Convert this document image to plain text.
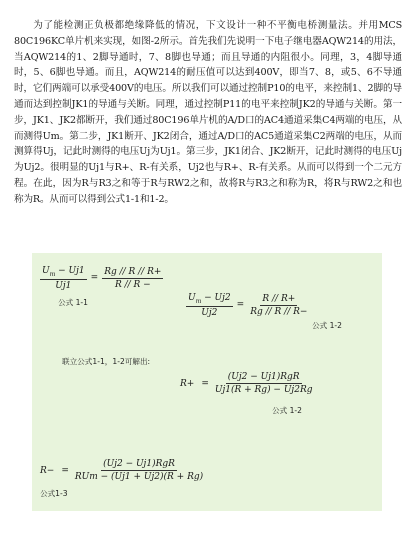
为了能检测正负极都绝缘降低的情况，下文设计一种不平衡电桥测量法。并用MCS 80C196KC单片机来实现，如图-2所示。首先我们先说明一下电子继电器AQW214的用法，当AQW214的1、2脚导通时，7、8脚也导通；而且导通的内阻很小。同理，3，4脚导通时，5、6脚也导通。而且，AQW214的耐压值可以达到400V，即当7、8，或5、6不导通时，它们两端可以承受400V的电压。所以我们可以通过控制P10的电平，来控制1、2脚的导通而达到控制JK1的导通与关断。同理，通过控制P11的电平来控制JK2的导通与关断。第一步，JK1、JK2都断开，我们通过80C196单片机的A/D口的AC4通道采集C4两端的电压，从而测得Um。第二步，JK1断开、JK2闭合，通过A/D口的AC5通道采集C2两端的电压，从而测算得Uj，记此时测得的电压Uj为Uj1。第三步，JK1闭合、JK2断开，记此时测得的电压Uj为Uj2。很明显的Uj1与R+、R-有关系，Uj2也与R+、R-有关系。从而可以得到一个二元方程。在此，因为R与R3之和等于R与RW2之和，故将R与R3之和称为R，将R与RW2之和也称为R。从而可以得到公式1-1和1-2。
$\frac{U_m - Uj1}{Uj1} = \frac{Rg // R // R+}{R // R -}$
公式 1-1	$\frac{U_m - Uj2}{Uj2} = \frac{R // R+}{Rg // R // R-}$
公式 1-2
联立公式1-1，1-2可解出:
$R+ = \frac{\text{(Uj2 − Uj1)RgR}}{Uj1(R + Rg) - Uj2Rg}$
公式 1-2
$R- = \frac{\text{(Uj2 − Uj1)RgR}}{\text{RUm − (Uj1 + Uj2)(R + Rg)}}$
公式1-3
